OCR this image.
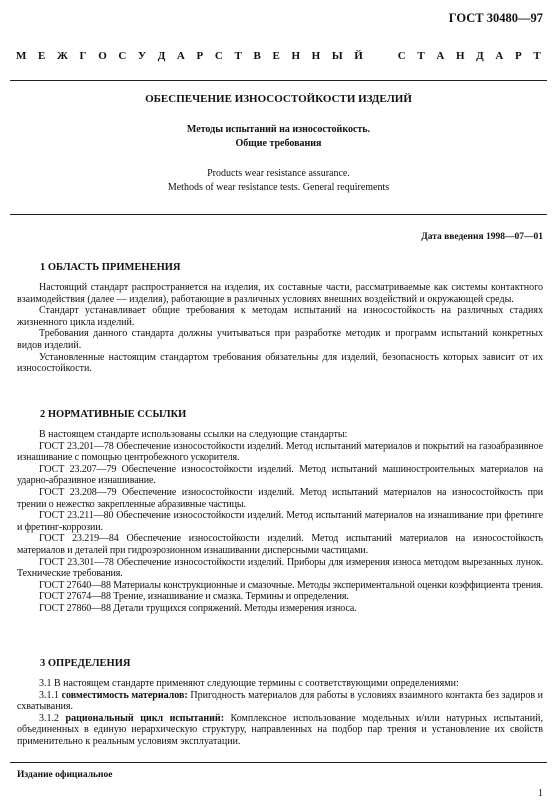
ГОСТ 30480—97
М Е Ж Г О С У Д А Р С Т В Е Н Н Ы Й	С Т А Н Д А Р Т
ОБЕСПЕЧЕНИЕ ИЗНОСОСТОЙКОСТИ ИЗДЕЛИЙ
Методы испытаний на износостойкость.
Общие требования
Products wear resistance assurance.
Methods of wear resistance tests. General requirements
Дата введения 1998—07—01
1 ОБЛАСТЬ ПРИМЕНЕНИЯ

Настоящий стандарт распространяется на изделия, их составные части, рассматриваемые как системы контактного взаимодействия (далее — изделия), работающие в различных условиях внешних воздействий и окружающей среды.

Стандарт устанавливает общие требования к методам испытаний на износостойкость на различных стадиях жизненного цикла изделий.

Требования данного стандарта должны учитываться при разработке методик и программ испытаний конкретных видов изделий.

Установленные настоящим стандартом требования обязательны для изделий, безопасность которых зависит от их износостойкости.

2 НОРМАТИВНЫЕ ССЫЛКИ

В настоящем стандарте использованы ссылки на следующие стандарты:

ГОСТ 23.201—78 Обеспечение износостойкости изделий. Метод испытаний материалов и покрытий на газоабразивное изнашивание с помощью центробежного ускорителя.

ГОСТ 23.207—79 Обеспечение износостойкости изделий. Метод испытаний машиностроительных материалов на ударно-абразивное изнашивание.

ГОСТ 23.208—79 Обеспечение износостойкости изделий. Метод испытаний материалов на износостойкость при трении о нежестко закрепленные абразивные частицы.

ГОСТ 23.211—80 Обеспечение износостойкости изделий. Метод испытаний материалов на изнашивание при фретинге и фретинг-коррозии.

ГОСТ 23.219—84 Обеспечение износостойкости изделий. Метод испытаний материалов на износостойкость материалов и деталей при гидроэрозионном изнашивании дисперсными частицами.

ГОСТ 23.301—78 Обеспечение износостойкости изделий. Приборы для измерения износа методом вырезанных лунок. Технические требования.

ГОСТ 27640—88 Материалы конструкционные и смазочные. Методы экспериментальной оценки коэффициента трения.

ГОСТ 27674—88 Трение, изнашивание и смазка. Термины и определения.

ГОСТ 27860—88 Детали трущихся сопряжений. Методы измерения износа.

3 ОПРЕДЕЛЕНИЯ

3.1 В настоящем стандарте применяют следующие термины с соответствующими определениями:

3.1.1 совместимость материалов: Пригодность материалов для работы в условиях взаимного контакта без задиров и схватывания.

3.1.2 рациональный цикл испытаний: Комплексное использование модельных и/или натурных испытаний, объединенных в единую иерархическую структуру, направленных на подбор пар трения и установление их свойств применительно к реальным условиям эксплуатации.

Издание официальное
1
